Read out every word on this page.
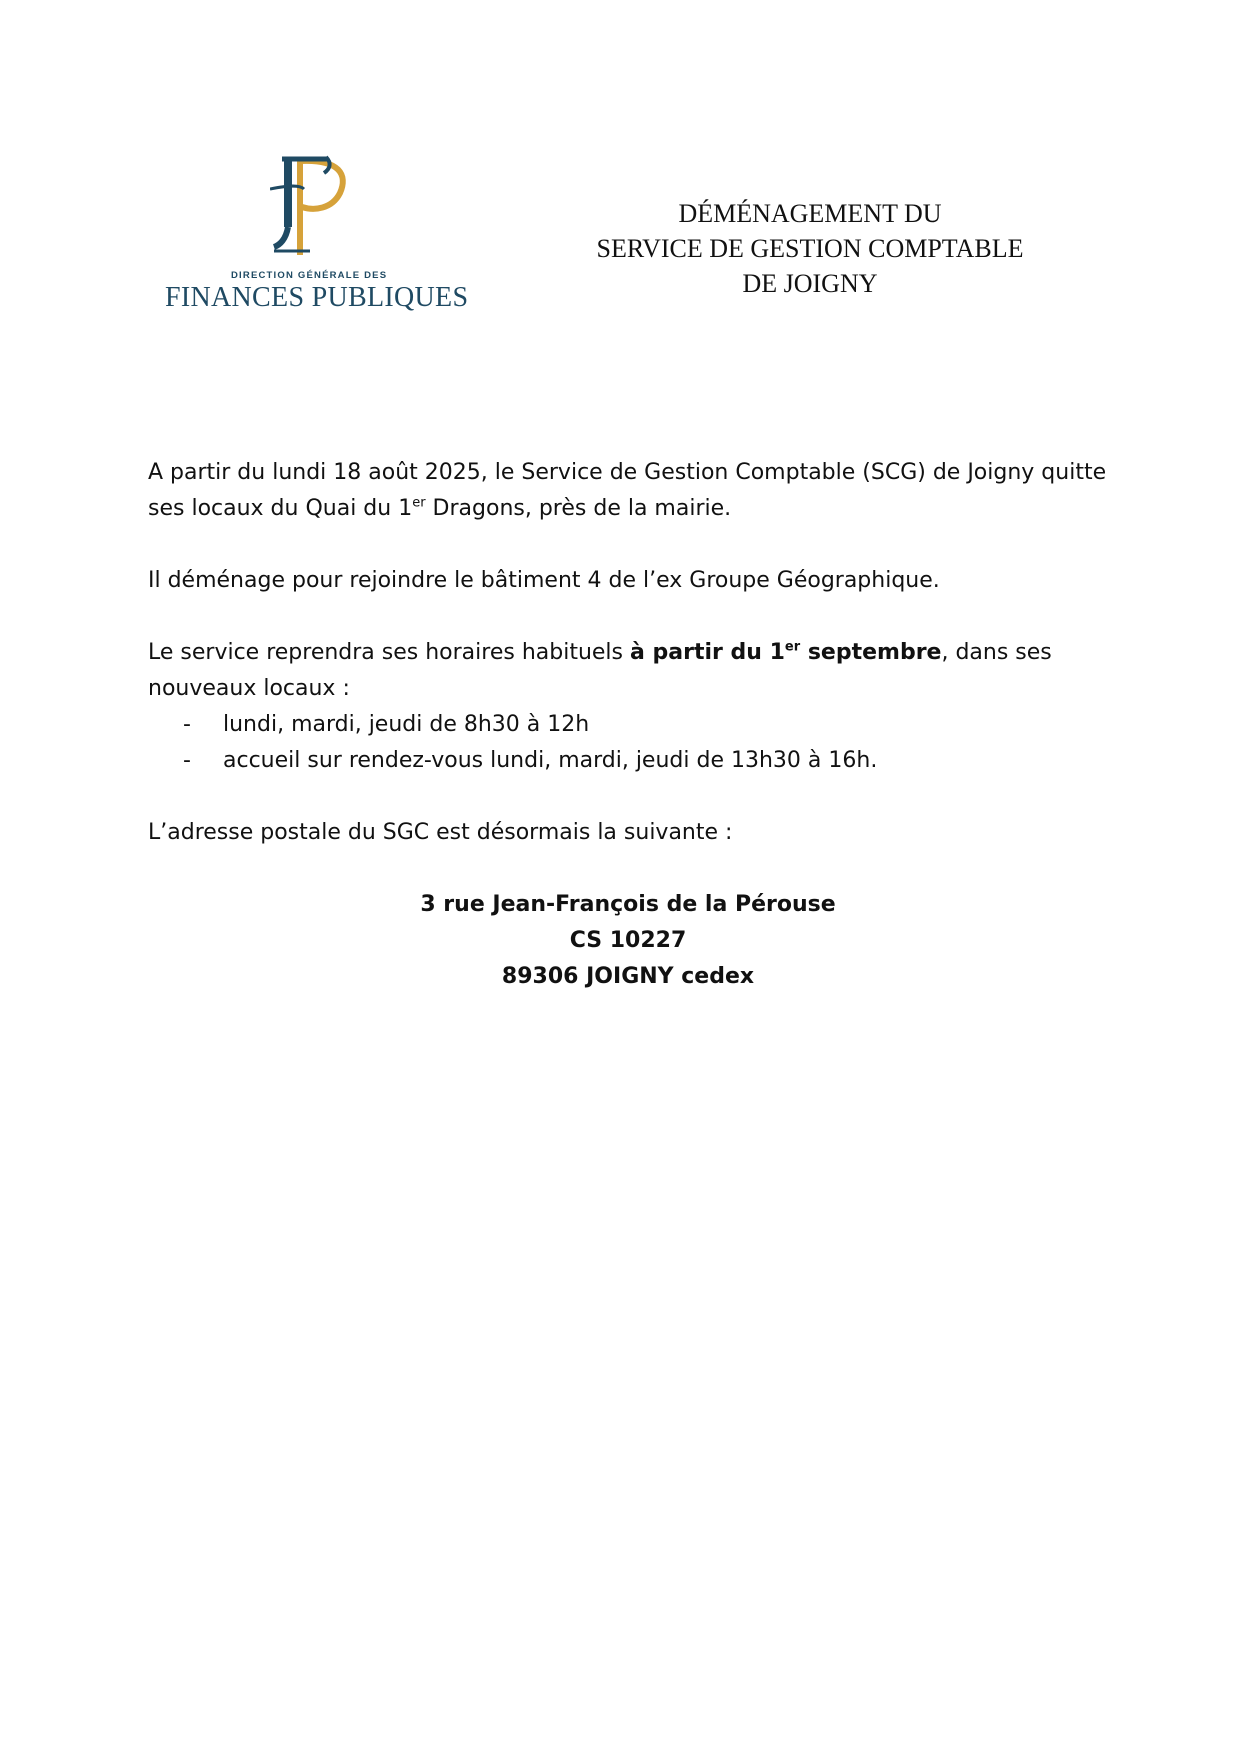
DIRECTION GÉNÉRALE DES
FINANCES PUBLIQUES
DÉMÉNAGEMENT DU
SERVICE DE GESTION COMPTABLE
DE JOIGNY

A partir du lundi 18 août 2025, le Service de Gestion Comptable (SCG) de Joigny quitte ses locaux du Quai du 1er Dragons, près de la mairie.

Il déménage pour rejoindre le bâtiment 4 de l’ex Groupe Géographique.

Le service reprendra ses horaires habituels à partir du 1er septembre, dans ses nouveaux locaux :

- lundi, mardi, jeudi de 8h30 à 12h
- accueil sur rendez-vous lundi, mardi, jeudi de 13h30 à 16h.

L’adresse postale du SGC est désormais la suivante :

3 rue Jean-François de la Pérouse
CS 10227
89306 JOIGNY cedex
